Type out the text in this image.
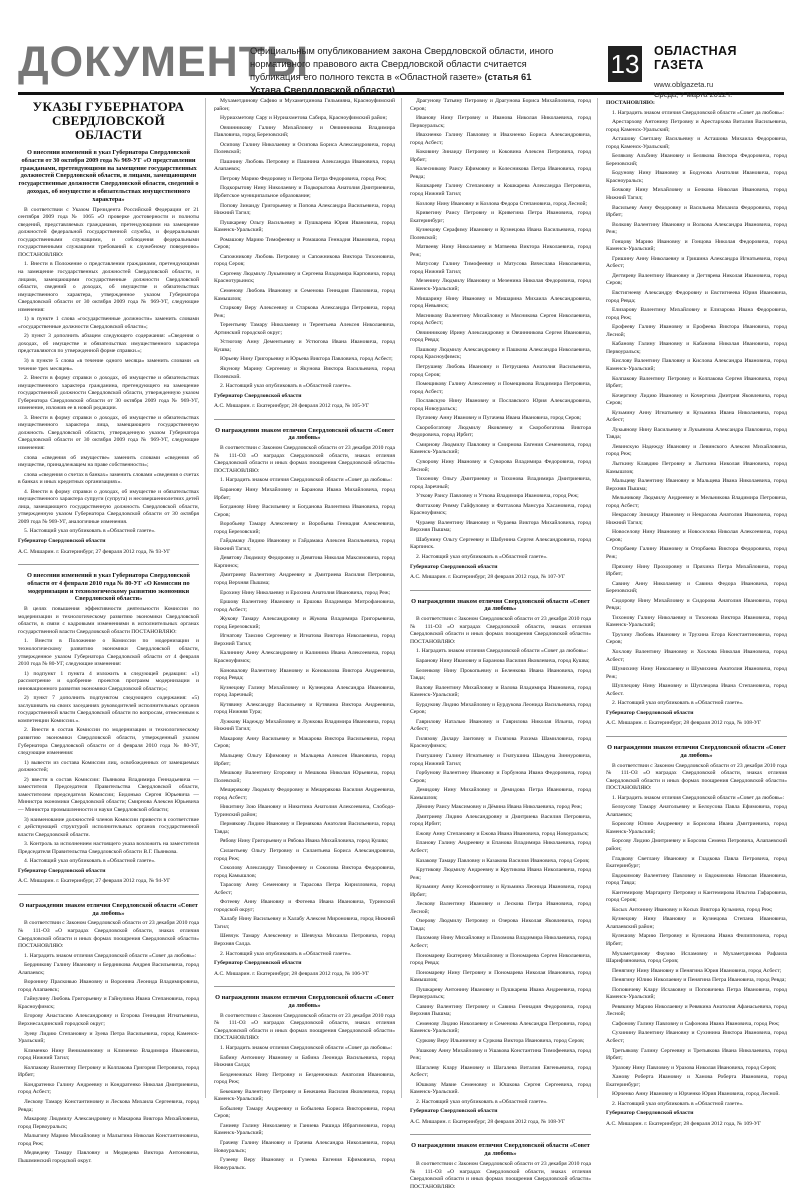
ДОКУМЕНТЫ
Официальным опубликованием закона Свердловской области, иного нормативного правового акта Свердловской области считается публикация его полного текста в «Областной газете» (статья 61 Устава Свердловской области)
13 ОБЛАСТНАЯ ГАЗЕТА
www.oblgazeta.ru
Среда, 7 марта 2012 г.

УКАЗЫ ГУБЕРНАТОРА СВЕРДЛОВСКОЙ ОБЛАСТИ

О внесении изменений в указ Губернатора Свердловской области от 30 октября 2009 года № 969-УГ «О представлении гражданами, претендующими на замещение государственных должностей Свердловской области, и лицами, замещающими государственные должности Свердловской области, сведений о доходах, об имуществе и обязательствах имущественного характера»

В соответствии с Указом Президента Российской Федерации от 21 сентября 2009 года № 1065 «О проверке достоверности и полноты сведений, представляемых гражданами, претендующими на замещение должностей федеральной государственной службы, и федеральными государственными служащими, и соблюдения федеральными государственными служащими требований к служебному поведению» ПОСТАНОВЛЯЮ:

1. Внести в Положение о представлении гражданами, претендующими на замещение государственных должностей Свердловской области, и лицами, замещающими государственные должности Свердловской области, сведений о доходах, об имуществе и обязательствах имущественного характера, утвержденное указом Губернатора Свердловской области от 30 октября 2009 года № 969-УГ, следующие изменения:

1) в пункте 1 слова «государственные должности» заменить словами «государственные должности Свердловской области»;

2) пункт 3 дополнить абзацем следующего содержания: «Сведения о доходах, об имуществе и обязательствах имущественного характера представляются по утвержденной форме справки.»;

3) в пункте 5 слова «в течение одного месяца» заменить словами «в течение трех месяцев».

2. Внести в форму справки о доходах, об имуществе и обязательствах имущественного характера гражданина, претендующего на замещение государственной должности Свердловской области, утвержденную указом Губернатора Свердловской области от 30 октября 2009 года № 969-УГ, изменение, изложив ее в новой редакции.

3. Внести в форму справки о доходах, об имуществе и обязательствах имущественного характера лица, замещающего государственную должность Свердловской области, утвержденную указом Губернатора Свердловской области от 30 октября 2009 года № 969-УГ, следующие изменения:

слова «сведения об имуществе» заменить словами «сведения об имуществе, принадлежащем на праве собственности»;

слова «сведения о счетах в банках» заменить словами «сведения о счетах в банках и иных кредитных организациях».

4. Внести в форму справки о доходах, об имуществе и обязательствах имущественного характера супруги (супруга) и несовершеннолетних детей лица, замещающего государственную должность Свердловской области, утвержденную указом Губернатора Свердловской области от 30 октября 2009 года № 969-УГ, аналогичные изменения.

5. Настоящий указ опубликовать в «Областной газете».

Губернатор Свердловской области

А.С. Мишарин. г. Екатеринбург, 27 февраля 2012 года, № 93-УГ

О внесении изменений в указ Губернатора Свердловской области от 4 февраля 2010 года № 80-УГ «О Комиссии по модернизации и технологическому развитию экономики Свердловской области»

В целях повышения эффективности деятельности Комиссии по модернизации и технологическому развитию экономики Свердловской области, в связи с кадровыми изменениями в исполнительных органах государственной власти Свердловской области ПОСТАНОВЛЯЮ:

1. Внести в Положение о Комиссии по модернизации и технологическому развитию экономики Свердловской области, утвержденное указом Губернатора Свердловской области от 4 февраля 2010 года № 80-УГ, следующие изменения:

1) подпункт 1 пункта 4 изложить в следующей редакции: «1) рассмотрение и одобрение проектов программ модернизации и инновационного развития экономики Свердловской области;»;

2) пункт 7 дополнить подпунктом следующего содержания: «5) заслушивать на своих заседаниях руководителей исполнительных органов государственной власти Свердловской области по вопросам, отнесенным к компетенции Комиссии.».

2. Внести в состав Комиссии по модернизации и технологическому развитию экономики Свердловской области, утвержденный указом Губернатора Свердловской области от 4 февраля 2010 года № 80-УГ, следующие изменения:

1) вывести из состава Комиссии лиц, освобожденных от замещаемых должностей;

2) ввести в состав Комиссии: Пьянкова Владимира Геннадьевича — заместителя Председателя Правительства Свердловской области, заместителем председателя Комиссии; Бидонько Сергея Юрьевича — Министра экономики Свердловской области; Смирнова Алексея Юрьевича — Министра промышленности и науки Свердловской области;

3) наименование должностей членов Комиссии привести в соответствие с действующей структурой исполнительных органов государственной власти Свердловской области.

3. Контроль за исполнением настоящего указа возложить на заместителя Председателя Правительства Свердловской области В.Г. Пьянкова.

4. Настоящий указ опубликовать в «Областной газете».

Губернатор Свердловской области

А.С. Мишарин. г. Екатеринбург, 27 февраля 2012 года, № 94-УГ

О награждении знаком отличия Свердловской области «Совет да любовь»

В соответствии с Законом Свердловской области от 23 декабря 2010 года № 111-ОЗ «О наградах Свердловской области, знаках отличия Свердловской области и иных формах поощрения Свердловской области» ПОСТАНОВЛЯЮ:

1. Наградить знаком отличия Свердловской области «Совет да любовь»:

Бердникову Галину Ивановну и Бердникова Андрея Васильевича, город Алапаевск;

Воронину Прасковью Ивановну и Воронина Леонида Владимировича, город Алапаевск;

Гайнулину Любовь Григорьевну и Гайнулина Ивана Степановича, город Красноуфимск;

Егорову Анастасию Александровну и Егорова Геннадия Игнатьевича, Верхнесалдинский городской округ;

Зуеву Лидию Степановну и Зуева Петра Васильевича, город Каменск-Уральский;

Клименко Нину Вениаминовну и Клименко Владимира Ивановича, город Нижний Тагил;

Колпакову Валентину Петровну и Колпакова Григория Петровича, город Ирбит;

Кондратенко Галину Андреевну и Кондратенко Николая Дмитриевича, город Асбест;

Лескову Тамару Константиновну и Лескова Михаила Сергеевича, город Ревда;

Макарову Людмилу Александровну и Макарова Виктора Михайловича, город Первоуральск;

Малыгину Марию Михайловну и Малыгина Николая Константиновича, город Реж;

Медведеву Тамару Павловну и Медведева Виктора Антоновича, Пышминский городской округ.

Мухаметдинову Сафию и Мухаметдинова Гильмияна, Красноуфимский район;

Нуриахметову Сару и Нуриахметова Сабира, Красноуфимский район;

Овчинникову Галину Михайловну и Овчинникова Владимира Павловича, город Березовский;

Осипову Галину Николаевну и Осипова Бориса Александровича, город Полевской;

Пашнину Любовь Петровну и Пашнина Александра Ивановича, город Алапаевск;

Петрову Марию Федоровну и Петрова Петра Федоровича, город Реж;

Подкорытову Нину Николаевну и Подкорытова Анатолия Дмитриевича, Ирбитское муниципальное образование;

Попову Зинаиду Григорьевну и Попова Александра Васильевича, город Нижний Тагил;

Пушкареву Ольгу Васильевну и Пушкарева Юрия Ивановича, город Каменск-Уральский;

Ромашову Марию Тимофеевну и Ромашова Геннадия Ивановича, город Серов;

Сапожникову Любовь Петровну и Сапожникова Виктора Тихоновича, город Серов;

Сергееву Людмилу Лукьяновну и Сергеева Владимира Карповича, город Краснотурьинск;

Семенову Любовь Ивановну и Семенова Геннадия Павловича, город Камышлов;

Старкову Веру Алексеевну и Старкова Александра Петровича, город Реж;

Терентьеву Тамару Николаевну и Терентьева Алексея Николаевича, Артинский городской округ;

Устюгову Анну Дементьевну и Устюгова Ивана Ивановича, город Кушва;

Юрьеву Нину Григорьевну и Юрьева Виктора Павловича, город Асбест;

Якунову Марину Сергеевну и Якунова Виктора Васильевича, город Полевской.

2. Настоящий указ опубликовать в «Областной газете».

Губернатор Свердловской области

А.С. Мишарин. г. Екатеринбург, 28 февраля 2012 года, № 105-УГ

О награждении знаком отличия Свердловской области «Совет да любовь»

В соответствии с Законом Свердловской области от 23 декабря 2010 года № 111-ОЗ «О наградах Свердловской области, знаках отличия Свердловской области и иных формах поощрения Свердловской области» ПОСТАНОВЛЯЮ:

1. Наградить знаком отличия Свердловской области «Совет да любовь»:

Баранову Нину Михайловну и Баранова Ивана Михайловича, город Ирбит;

Богданову Нину Васильевну и Богданова Валентина Ивановича, город Серов;

Воробьеву Тамару Алексеевну и Воробьева Геннадия Алексеевича, город Березовский;

Гайдамаку Лидию Ивановну и Гайдамака Алексея Васильевича, город Нижний Тагил;

Девятову Людмилу Федоровну и Девятова Николая Максимовича, город Карпинск;

Дмитриеву Валентину Андреевну и Дмитриева Василия Петровича, город Верхняя Пышма;

Ерохину Нину Николаевну и Ерохина Анатолия Ивановича, город Реж;

Ершову Валентину Ивановну и Ершова Владимира Митрофановича, город Асбест;

Жукову Тамару Александровну и Жукова Владимира Григорьевича, город Березовский;

Игнатову Таисию Сергеевну и Игнатова Виктора Николаевича, город Верхний Тагил;

Калинину Анну Александровну и Калинина Ивана Алексеевича, город Красноуфимск;

Коновалову Валентину Ивановну и Коновалова Виктора Андреевича, город Ревда;

Кузнецову Галину Михайловну и Кузнецова Александра Ивановича, город Заречный;

Кутявину Александру Васильевну и Кутявина Виктора Андреевича, город Нижняя Тура;

Лужкову Надежду Михайловну и Лужкова Владимира Ивановича, город Нижний Тагил;

Макарову Анну Васильевну и Макарова Виктора Васильевича, город Серов;

Мальцеву Ольгу Ефимовну и Мальцева Алексея Ивановича, город Ирбит;

Мешкову Валентину Егоровну и Мешкова Николая Юрьевича, город Полевской;

Мещерякову Людмилу Федоровну и Мещерякова Василия Андреевича, город Асбест;

Никитину Зою Ивановну и Никитина Анатолия Алексеевича, Слободо-Туринский район;

Пермякову Лидию Ивановну и Пермякова Анатолия Васильевича, город Тавда;

Рябову Нину Григорьевну и Рябова Ивана Михайловича, город Кушва;

Силантьеву Ольгу Петровну и Силантьева Бориса Александровича, город Реж;

Соколову Александру Тимофеевну и Соколова Виктора Федоровича, город Камышлов;

Тарасову Анну Семеновну и Тарасова Петра Кирилловича, город Асбест;

Фотееву Анну Ивановну и Фотеева Ивана Ивановича, Туринский городской округ;

Халабу Нину Васильевну и Халабу Алексея Мироновича, город Нижний Тагил;

Шевчук Тамару Алексеевну и Шевчука Михаила Петровича, город Верхняя Салда.

2. Настоящий указ опубликовать в «Областной газете».

Губернатор Свердловской области

А.С. Мишарин. г. Екатеринбург, 28 февраля 2012 года, № 106-УГ

О награждении знаком отличия Свердловской области «Совет да любовь»

В соответствии с Законом Свердловской области от 23 декабря 2010 года № 111-ОЗ «О наградах Свердловской области, знаках отличия Свердловской области и иных формах поощрения Свердловской области» ПОСТАНОВЛЯЮ:

1. Наградить знаком отличия Свердловской области «Совет да любовь»:

Бабину Антонину Ивановну и Бабина Леонида Васильевича, город Нижняя Салда;

Безденежных Нину Петровну и Безденежных Анатолия Ивановича, город Реж;

Бекешеву Валентину Петровну и Бекешева Василия Яковлевича, город Каменск-Уральский;

Бобылеву Тамару Андреевну и Бобылева Бориса Викторовича, город Серов;

Ганиеву Галину Николаевну и Ганиева Рашида Ибрагимовича, город Каменск-Уральский;

Грачеву Галину Ивановну и Грачева Александра Николаевича, город Новоуральск;

Гузееву Веру Ивановну и Гузеева Евгения Ефимовича, город Новоуральск.

Драгунову Татьяну Петровну и Драгунова Бориса Михайловича, город Серов;

Иванову Нину Петровну и Иванова Николая Николаевича, город Первоуральск;

Ивахненко Галину Павловну и Ивахненко Бориса Александровича, город Асбест;

Коковину Зинаиду Петровну и Коковина Алексея Петровича, город Ирбит;

Колесникову Раису Ефимовну и Колесникова Петра Ивановича, город Ревда;

Кошкареву Галину Степановну и Кошкарева Александра Петровича, город Нижний Тагил;

Козлову Нину Ивановну и Козлова Федора Степановича, город Лесной;

Кривегину Раису Петровну и Кривегина Петра Ивановича, город Екатеринбург;

Кузнецову Серафиму Ивановну и Кузнецова Ивана Васильевича, город Полевской;

Матвееву Нину Николаевну и Матвеева Виктора Николаевича, город Реж;

Матусову Галину Тимофеевну и Матусова Вячеслава Николаевича, город Нижний Тагил;

Мезенину Людмилу Ивановну и Мезенина Николая Федоровича, город Каменск-Уральский;

Мишарину Нину Ивановну и Мишарина Михаила Александровича, город Невьянск;

Мясникову Валентину Михайловну и Мясникова Сергея Николаевича, город Асбест;

Овчинникову Ирину Александровну и Овчинникова Сергея Ивановича, город Ревда;

Пашкову Людмилу Александровну и Пашкова Александра Николаевича, город Красноуфимск;

Петрушеву Любовь Ивановну и Петрушева Анатолия Васильевича, город Серов;

Помещикову Галину Алексеевну и Помещикова Владимира Петровича, город Асбест;

Пославскую Нину Ивановну и Пославского Юрия Александровича, город Новоуральск;

Пугачеву Анну Ивановну и Пугачева Ивана Ивановича, город Серов;

Скоробогатову Людмилу Яковлевну и Скоробогатова Виктора Федоровича, город Ирбит;

Смирнову Людмилу Павловну и Смирнова Евгения Семеновича, город Каменск-Уральский;

Суворову Нину Ивановну и Суворова Владимира Федоровича, город Лесной;

Тихонову Ольгу Дмитриевну и Тихонова Владимира Дмитриевича, город Заречный;

Уткову Раису Павловну и Уткова Владимира Ивановича, город Реж;

Фаттахову Римму Гайфуловну и Фаттахова Мансура Хасановича, город Красноуфимск;

Чураеву Валентину Ивановну и Чураева Виктора Михайловича, город Верхняя Пышма;

Шабунину Ольгу Сергеевну и Шабунина Сергея Александровича, город Карпинск.

2. Настоящий указ опубликовать в «Областной газете».

Губернатор Свердловской области

А.С. Мишарин. г. Екатеринбург, 28 февраля 2012 года, № 107-УГ

О награждении знаком отличия Свердловской области «Совет да любовь»

В соответствии с Законом Свердловской области от 23 декабря 2010 года № 111-ОЗ «О наградах Свердловской области, знаках отличия Свердловской области и иных формах поощрения Свердловской области» ПОСТАНОВЛЯЮ:

1. Наградить знаком отличия Свердловской области «Совет да любовь»:

Баранову Нину Ивановну и Баранова Василия Яковлевича, город Кушва;

Беленкову Нину Прокопьевну и Беленкова Ивана Ивановича, город Тавда;

Валову Валентину Михайловну и Валова Владимира Ивановича, город Каменск-Уральский;

Бурдукову Лидию Михайловну и Бурдукова Леонида Васильевича, город Серов;

Гаврилову Наталью Ивановну и Гаврилова Николая Ильича, город Асбест;

Гилязову Дилару Заитовну и Гилязова Рахима Шамиловича, город Красноуфимск;

Гнатушину Галину Игнатьевну и Гнатушина Шамдуна Зиннуровича, город Нижний Тагил;

Горбунову Валентину Ивановну и Горбунова Ивана Федоровича, город Серов;

Демидову Нину Михайловну и Демидова Петра Ивановича, город Камышлов;

Дёмину Раису Максимовну и Дёмина Ивана Николаевича, город Реж;

Дмитриеву Лидию Александровну и Дмитриева Василия Петровича, город Ирбит;

Ежову Анну Степановну и Ежова Ивана Ивановича, город Новоуральск;

Епанову Галину Андреевну и Епанова Владимира Николаевича, город Асбест;

Казакову Тамару Павловну и Казакова Василия Ивановича, город Серов;

Крутикову Людмилу Андреевну и Крутикова Ивана Николаевича, город Реж;

Кузьмину Анну Ксенофонтовну и Кузьмина Леонида Ивановича, город Ирбит;

Лескову Валентину Ивановну и Лескова Петра Ивановича, город Лесной;

Озерову Людмилу Петровну и Озерова Николая Яковлевича, город Тавда;

Пахомову Нину Михайловну и Пахомова Владимира Николаевича, город Асбест;

Пономареву Екатерину Михайловну и Пономарева Сергея Николаевича, город Ревда;

Пономареву Нину Петровну и Пономарева Николая Ивановича, город Камышлов;

Пушкареву Антонину Ивановну и Пушкарева Ивана Андреевича, город Первоуральск;

Савину Валентину Петровну и Савина Геннадия Федоровича, город Верхняя Пышма;

Семенову Лидию Николаевну и Семенова Александра Петровича, город Каменск-Уральский;

Суркову Веру Ильиничну и Суркова Виктора Ивановича, город Серов;

Ушакову Анну Михайловну и Ушакова Константина Тимофеевича, город Реж;

Шагалеву Клару Ивановну и Шагалева Виталия Евгеньевича, город Асбест;

Юшкову Мавие Семеновну и Юшкова Сергея Сергеевича, город Каменск-Уральский.

2. Настоящий указ опубликовать в «Областной газете».

Губернатор Свердловской области

А.С. Мишарин. г. Екатеринбург, 28 февраля 2012 года, № 108-УГ

О награждении знаком отличия Свердловской области «Совет да любовь»

В соответствии с Законом Свердловской области от 23 декабря 2010 года № 111-ОЗ «О наградах Свердловской области, знаках отличия Свердловской области и иных формах поощрения Свердловской области» ПОСТАНОВЛЯЮ:

ПОСТАНОВЛЯЮ:

1. Наградить знаком отличия Свердловской области «Совет да любовь»:

Арестархову Антонину Петровну и Арестархова Виталия Васильевича, город Каменск-Уральский;

Асташову Светлану Васильевну и Асташова Михаила Федоровича, город Каменск-Уральский;

Белякову Альбину Ивановну и Белякова Виктора Федоровича, город Березовский;

Бодунову Нину Ивановну и Бодунова Анатолия Ивановича, город Красноуральск;

Бочкову Нину Михайловну и Бочкова Николая Ивановича, город Нижний Тагил;

Васильеву Анну Федоровну и Васильева Михаила Федоровича, город Ирбит;

Волкову Валентину Ивановну и Волкова Александра Ивановича, город Реж;

Гонцову Марию Ивановну и Гонцова Николая Федоровича, город Каменск-Уральский;

Гришину Анну Николаевну и Гришина Александра Игнатьевича, город Асбест;

Дегтяреву Валентину Ивановну и Дегтярева Николая Ивановича, город Серов;

Евстигнееву Александру Федоровну и Евстигнеева Юрия Ивановича, город Ревда;

Елизарову Валентину Михайловну и Елизарова Ивана Федоровича, город Реж;

Ерофееву Галину Ивановну и Ерофеева Виктора Ивановича, город Лесной;

Кабанову Галину Ивановну и Кабанова Николая Ивановича, город Первоуральск;

Кислову Валентину Павловну и Кислова Александра Ивановича, город Каменск-Уральский;

Колпакову Валентину Петровну и Колпакова Сергея Ивановича, город Ирбит;

Кочергину Лидию Ивановну и Кочергина Дмитрия Яковлевича, город Серов;

Кузьмину Анну Игнатьевну и Кузьмина Ивана Николаевича, город Асбест;

Лукьянову Нину Васильевну и Лукьянова Александра Павловича, город Тавда;

Левинскую Надежду Ивановну и Левинского Алексея Михайловича, город Реж;

Лыткину Клавдию Петровну и Лыткина Николая Ивановича, город Камышлов;

Мальцеву Валентину Ивановну и Мальцева Ивана Николаевича, город Верхняя Пышма;

Мельникову Людмилу Андреевну и Мельникова Владимира Петровича, город Асбест;

Некрасову Зинаиду Ивановну и Некрасова Анатолия Ивановича, город Нижний Тагил;

Новоселову Нину Ивановну и Новоселова Николая Алексеевича, город Серов;

Оторбаеву Галину Ивановну и Оторбаева Виктора Федоровича, город Реж;

Пряхину Нину Прохоровну и Пряхина Петра Михайловича, город Ирбит;

Савину Анну Николаевну и Савина Федора Ивановича, город Березовский;

Сидорову Нину Михайловну и Сидорова Анатолия Ивановича, город Ревда;

Тихонову Галину Николаевну и Тихонова Виктора Ивановича, город Каменск-Уральский;

Трухину Любовь Ивановну и Трухина Егора Константиновича, город Серов;

Хохлову Валентину Ивановну и Хохлова Николая Ивановича, город Асбест;

Шумихину Нину Николаевну и Шумихина Анатолия Ивановича, город Реж;

Шуплецову Нину Ивановну и Шуплецова Ивана Степановича, город Асбест.

2. Настоящий указ опубликовать в «Областной газете».

Губернатор Свердловской области

А.С. Мишарин. г. Екатеринбург, 28 февраля 2012 года, № 108-УГ

О награждении знаком отличия Свердловской области «Совет да любовь»

В соответствии с Законом Свердловской области от 23 декабря 2010 года № 111-ОЗ «О наградах Свердловской области, знаках отличия Свердловской области и иных формах поощрения Свердловской области» ПОСТАНОВЛЯЮ:

1. Наградить знаком отличия Свердловской области «Совет да любовь»:

Белоусову Тамару Анатольевну и Белоусова Павла Ефимовича, город Алапаевск;

Борисову Юлию Андреевну и Борисова Ивана Дмитриевича, город Каменск-Уральский;

Борсову Лидию Дмитриевну и Борсова Семена Петровича, Алапаевский район;

Гладкову Светлану Ивановну и Гладкова Павла Петровича, город Екатеринбург;

Евдокимову Валентину Павловну и Евдокимова Николая Ивановича, город Тавда;

Кантемирову Маргариту Петровну и Кантемирова Ильгиза Гафаровича, город Серов;

Косых Антонину Ивановну и Косых Виктора Кузьмича, город Реж;

Кузнецову Нину Ивановну и Кузнецова Степана Ивановича, Алапаевский район;

Кулешову Марию Петровну и Кулешова Ивана Филипповича, город Ирбит;

Мухаметдинову Фаузию Исламовну и Мухаметдинова Рафаила Шарифзяновича, город Серов;

Пенягину Нину Ивановну и Пенягина Юрия Ивановича, город Асбест;

Пенягину Юлию Николаевну и Пенягина Петра Ивановича, город Ревда;

Поповичеву Клару Исхаковну и Поповичева Петра Ивановича, город Каменск-Уральский;

Ревякину Марию Николаевну и Ревякина Анатолия Афанасьевича, город Лесной;

Сафонову Галину Павловну и Сафонова Ивана Ивановича, город Реж;

Сухинину Валентину Ивановну и Сухинина Виктора Ивановича, город Асбест;

Третьякову Галину Сергеевну и Третьякова Ивана Николаевича, город Ирбит;

Уразову Нину Павловну и Уразова Николая Ивановича, город Серов;

Ханову Роберта Ивановну и Ханова Роберта Ивановича, город Екатеринбург;

Юрченко Анну Ивановну и Юрченко Юрия Ивановича, город Лесной.

2. Настоящий указ опубликовать в «Областной газете».

Губернатор Свердловской области

А.С. Мишарин. г. Екатеринбург, 28 февраля 2012 года, № 109-УГ
